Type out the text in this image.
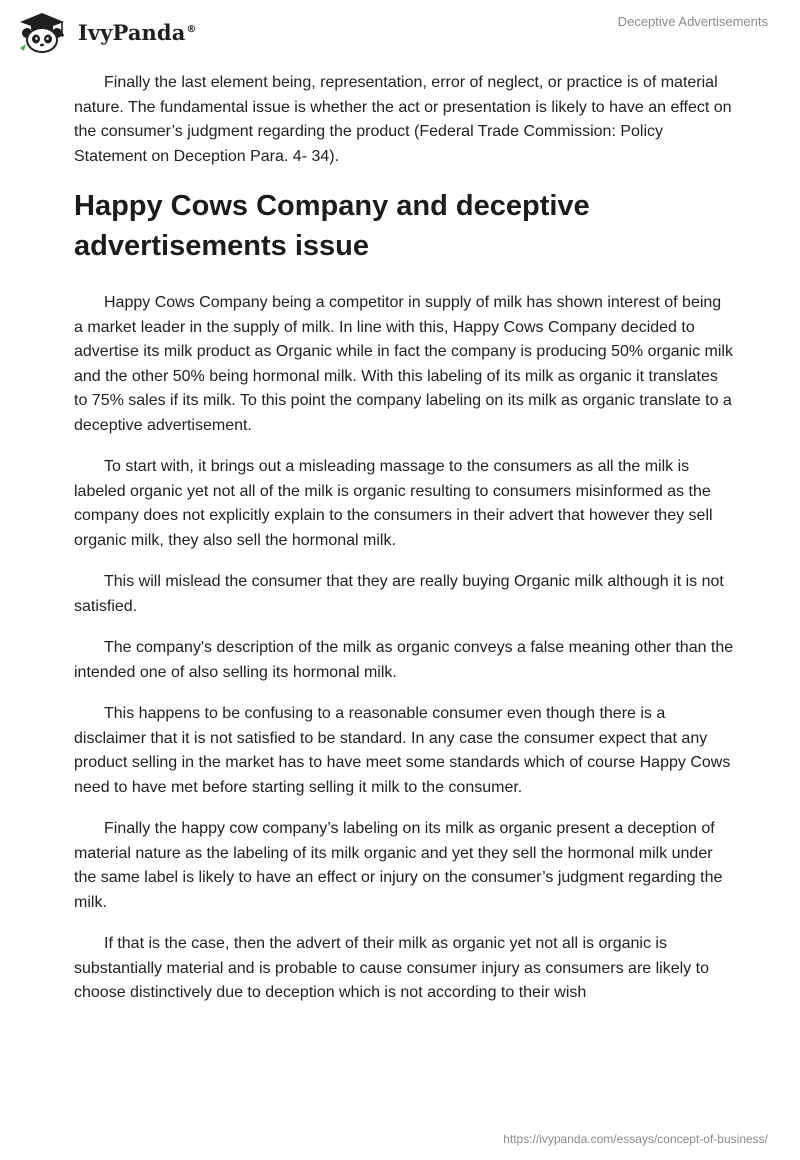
IvyPanda®	Deceptive Advertisements

Finally the last element being, representation, error of neglect, or practice is of material nature. The fundamental issue is whether the act or presentation is likely to have an effect on the consumer’s judgment regarding the product (Federal Trade Commission: Policy Statement on Deception Para. 4- 34).

Happy Cows Company and deceptive advertisements issue

Happy Cows Company being a competitor in supply of milk has shown interest of being a market leader in the supply of milk. In line with this, Happy Cows Company decided to advertise its milk product as Organic while in fact the company is producing 50% organic milk and the other 50% being hormonal milk. With this labeling of its milk as organic it translates to 75% sales if its milk. To this point the company labeling on its milk as organic translate to a deceptive advertisement.

To start with, it brings out a misleading massage to the consumers as all the milk is labeled organic yet not all of the milk is organic resulting to consumers misinformed as the company does not explicitly explain to the consumers in their advert that however they sell organic milk, they also sell the hormonal milk.

This will mislead the consumer that they are really buying Organic milk although it is not satisfied.

The company's description of the milk as organic conveys a false meaning other than the intended one of also selling its hormonal milk.

This happens to be confusing to a reasonable consumer even though there is a disclaimer that it is not satisfied to be standard. In any case the consumer expect that any product selling in the market has to have meet some standards which of course Happy Cows need to have met before starting selling it milk to the consumer.

Finally the happy cow company’s labeling on its milk as organic present a deception of material nature as the labeling of its milk organic and yet they sell the hormonal milk under the same label is likely to have an effect or injury on the consumer’s judgment regarding the milk.

If that is the case, then the advert of their milk as organic yet not all is organic is substantially material and is probable to cause consumer injury as consumers are likely to choose distinctively due to deception which is not according to their wish

https://ivypanda.com/essays/concept-of-business/
